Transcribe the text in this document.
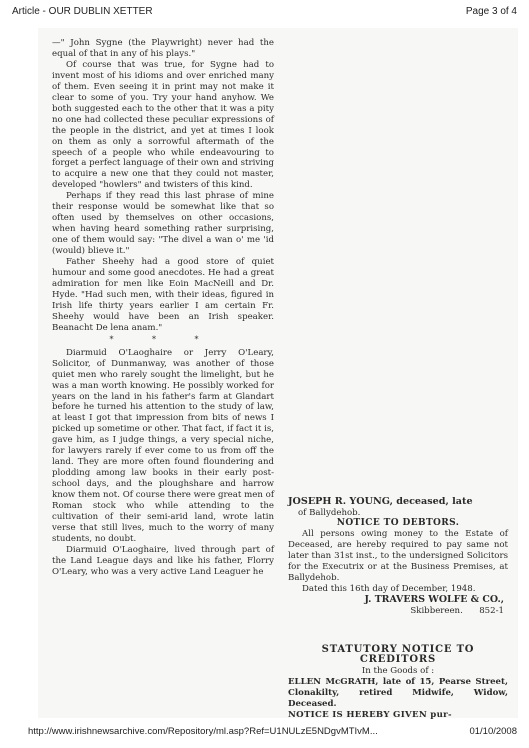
Article - OUR DUBLIN XETTER	Page 3 of 4

—" John Sygne (the Playwright) never had the equal of that in any of his plays."

Of course that was true, for Sygne had to invent most of his idioms and over enriched many of them. Even seeing it in print may not make it clear to some of you. Try your hand anyhow. We both suggested each to the other that it was a pity no one had collected these peculiar expressions of the people in the district, and yet at times I look on them as only a sorrowful aftermath of the speech of a people who while endeavouring to forget a perfect language of their own and striving to acquire a new one that they could not master, developed "howlers" and twisters of this kind.

Perhaps if they read this last phrase of mine their response would be somewhat like that so often used by themselves on other occasions, when having heard something rather surprising, one of them would say: "The divel a wan o' me 'id (would) blieve it."

Father Sheehy had a good store of quiet humour and some good anecdotes. He had a great admiration for men like Eoin MacNeill and Dr. Hyde. "Had such men, with their ideas, figured in Irish life thirty years earlier I am certain Fr. Sheehy would have been an Irish speaker. Beanacht De lena anam."

* * *

Diarmuid O'Laoghaire or Jerry O'Leary, Solicitor, of Dunmanway, was another of those quiet men who rarely sought the limelight, but he was a man worth knowing. He possibly worked for years on the land in his father's farm at Glandart before he turned his attention to the study of law, at least I got that impression from bits of news I picked up sometime or other. That fact, if fact it is, gave him, as I judge things, a very special niche, for lawyers rarely if ever come to us from off the land. They are more often found floundering and plodding among law books in their early post-school days, and the ploughshare and harrow know them not. Of course there were great men of Roman stock who while attending to the cultivation of their semi-arid land, wrote latin verse that still lives, much to the worry of many students, no doubt.

Diarmuid O'Laoghaire, lived through part of the Land League days and like his father, Florry O'Leary, who was a very active Land Leaguer he

JOSEPH R. YOUNG, deceased, late
of Ballydehob.
NOTICE TO DEBTORS.

All persons owing money to the Estate of Deceased, are hereby required to pay same not later than 31st inst., to the undersigned Solicitors for the Executrix or at the Business Premises, at Ballydehob.

Dated this 16th day of December, 1948.

J. TRAVERS WOLFE & CO.,
Skibbereen. 852-1
STATUTORY NOTICE TO
CREDITORS
In the Goods of :

ELLEN McGRATH, late of 15, Pearse Street, Clonakilty, retired Midwife, Widow, Deceased.

NOTICE IS HEREBY GIVEN pur-

http://www.irishnewsarchive.com/Repository/ml.asp?Ref=U1NULzE5NDgvMTIvM...	01/10/2008
